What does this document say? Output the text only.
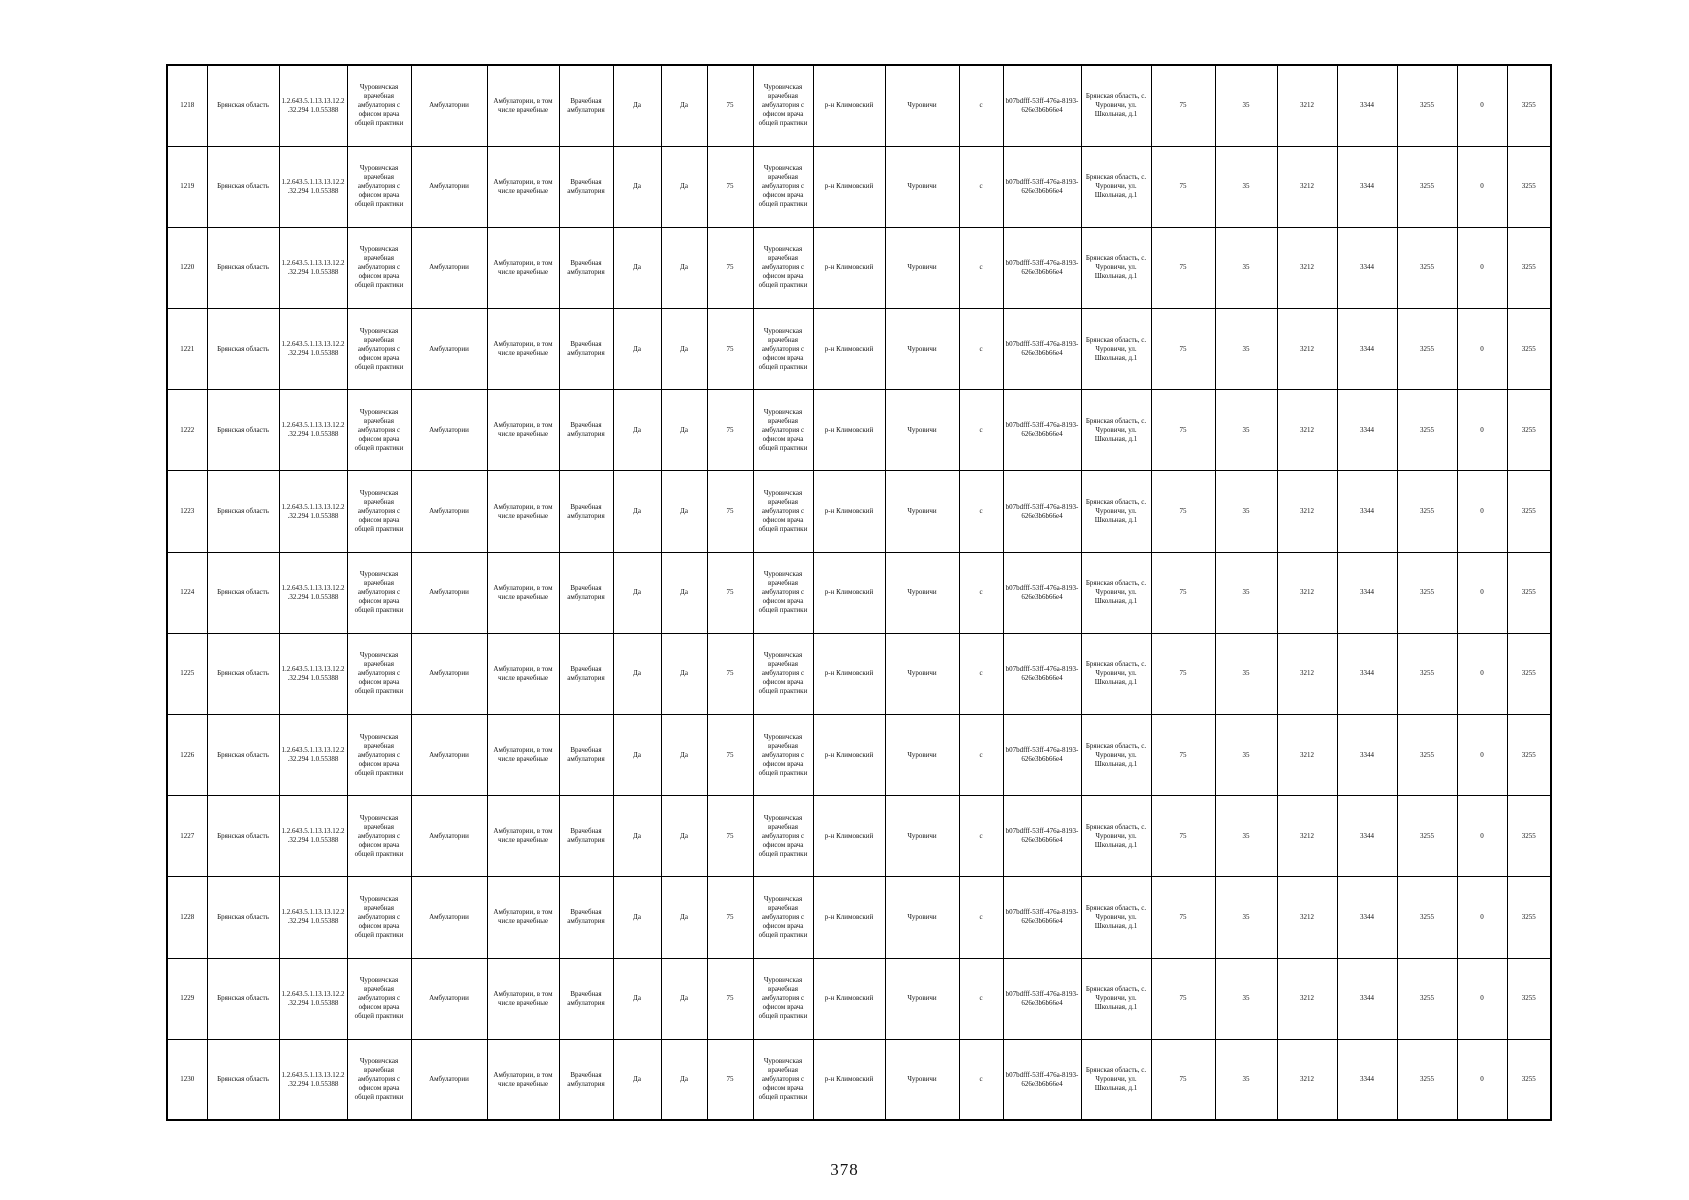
1218	Брянская область	1.2.643.5.1.13.13.12.2.32.294 1.0.55388	Чуровичская врачебная амбулатория с офисом врача общей практики	Амбулатории	Амбулатории, в том числе врачебные	Врачебная амбулатория	Да	Да	75	Чуровичская врачебная амбулатория с офисом врача общей практики	р-н Климовский	Чуровичи	с	b07bdfff-53ff-476a-8193-626e3b6b66e4	Брянская область, с. Чуровичи, ул. Школьная, д.1	75	35	3212	3344	3255	0	3255
1219	Брянская область	1.2.643.5.1.13.13.12.2.32.294 1.0.55388	Чуровичская врачебная амбулатория с офисом врача общей практики	Амбулатории	Амбулатории, в том числе врачебные	Врачебная амбулатория	Да	Да	75	Чуровичская врачебная амбулатория с офисом врача общей практики	р-н Климовский	Чуровичи	с	b07bdfff-53ff-476a-8193-626e3b6b66e4	Брянская область, с. Чуровичи, ул. Школьная, д.1	75	35	3212	3344	3255	0	3255
1220	Брянская область	1.2.643.5.1.13.13.12.2.32.294 1.0.55388	Чуровичская врачебная амбулатория с офисом врача общей практики	Амбулатории	Амбулатории, в том числе врачебные	Врачебная амбулатория	Да	Да	75	Чуровичская врачебная амбулатория с офисом врача общей практики	р-н Климовский	Чуровичи	с	b07bdfff-53ff-476a-8193-626e3b6b66e4	Брянская область, с. Чуровичи, ул. Школьная, д.1	75	35	3212	3344	3255	0	3255
1221	Брянская область	1.2.643.5.1.13.13.12.2.32.294 1.0.55388	Чуровичская врачебная амбулатория с офисом врача общей практики	Амбулатории	Амбулатории, в том числе врачебные	Врачебная амбулатория	Да	Да	75	Чуровичская врачебная амбулатория с офисом врача общей практики	р-н Климовский	Чуровичи	с	b07bdfff-53ff-476a-8193-626e3b6b66e4	Брянская область, с. Чуровичи, ул. Школьная, д.1	75	35	3212	3344	3255	0	3255
1222	Брянская область	1.2.643.5.1.13.13.12.2.32.294 1.0.55388	Чуровичская врачебная амбулатория с офисом врача общей практики	Амбулатории	Амбулатории, в том числе врачебные	Врачебная амбулатория	Да	Да	75	Чуровичская врачебная амбулатория с офисом врача общей практики	р-н Климовский	Чуровичи	с	b07bdfff-53ff-476a-8193-626e3b6b66e4	Брянская область, с. Чуровичи, ул. Школьная, д.1	75	35	3212	3344	3255	0	3255
1223	Брянская область	1.2.643.5.1.13.13.12.2.32.294 1.0.55388	Чуровичская врачебная амбулатория с офисом врача общей практики	Амбулатории	Амбулатории, в том числе врачебные	Врачебная амбулатория	Да	Да	75	Чуровичская врачебная амбулатория с офисом врача общей практики	р-н Климовский	Чуровичи	с	b07bdfff-53ff-476a-8193-626e3b6b66e4	Брянская область, с. Чуровичи, ул. Школьная, д.1	75	35	3212	3344	3255	0	3255
1224	Брянская область	1.2.643.5.1.13.13.12.2.32.294 1.0.55388	Чуровичская врачебная амбулатория с офисом врача общей практики	Амбулатории	Амбулатории, в том числе врачебные	Врачебная амбулатория	Да	Да	75	Чуровичская врачебная амбулатория с офисом врача общей практики	р-н Климовский	Чуровичи	с	b07bdfff-53ff-476a-8193-626e3b6b66e4	Брянская область, с. Чуровичи, ул. Школьная, д.1	75	35	3212	3344	3255	0	3255
1225	Брянская область	1.2.643.5.1.13.13.12.2.32.294 1.0.55388	Чуровичская врачебная амбулатория с офисом врача общей практики	Амбулатории	Амбулатории, в том числе врачебные	Врачебная амбулатория	Да	Да	75	Чуровичская врачебная амбулатория с офисом врача общей практики	р-н Климовский	Чуровичи	с	b07bdfff-53ff-476a-8193-626e3b6b66e4	Брянская область, с. Чуровичи, ул. Школьная, д.1	75	35	3212	3344	3255	0	3255
1226	Брянская область	1.2.643.5.1.13.13.12.2.32.294 1.0.55388	Чуровичская врачебная амбулатория с офисом врача общей практики	Амбулатории	Амбулатории, в том числе врачебные	Врачебная амбулатория	Да	Да	75	Чуровичская врачебная амбулатория с офисом врача общей практики	р-н Климовский	Чуровичи	с	b07bdfff-53ff-476a-8193-626e3b6b66e4	Брянская область, с. Чуровичи, ул. Школьная, д.1	75	35	3212	3344	3255	0	3255
1227	Брянская область	1.2.643.5.1.13.13.12.2.32.294 1.0.55388	Чуровичская врачебная амбулатория с офисом врача общей практики	Амбулатории	Амбулатории, в том числе врачебные	Врачебная амбулатория	Да	Да	75	Чуровичская врачебная амбулатория с офисом врача общей практики	р-н Климовский	Чуровичи	с	b07bdfff-53ff-476a-8193-626e3b6b66e4	Брянская область, с. Чуровичи, ул. Школьная, д.1	75	35	3212	3344	3255	0	3255
1228	Брянская область	1.2.643.5.1.13.13.12.2.32.294 1.0.55388	Чуровичская врачебная амбулатория с офисом врача общей практики	Амбулатории	Амбулатории, в том числе врачебные	Врачебная амбулатория	Да	Да	75	Чуровичская врачебная амбулатория с офисом врача общей практики	р-н Климовский	Чуровичи	с	b07bdfff-53ff-476a-8193-626e3b6b66e4	Брянская область, с. Чуровичи, ул. Школьная, д.1	75	35	3212	3344	3255	0	3255
1229	Брянская область	1.2.643.5.1.13.13.12.2.32.294 1.0.55388	Чуровичская врачебная амбулатория с офисом врача общей практики	Амбулатории	Амбулатории, в том числе врачебные	Врачебная амбулатория	Да	Да	75	Чуровичская врачебная амбулатория с офисом врача общей практики	р-н Климовский	Чуровичи	с	b07bdfff-53ff-476a-8193-626e3b6b66e4	Брянская область, с. Чуровичи, ул. Школьная, д.1	75	35	3212	3344	3255	0	3255
1230	Брянская область	1.2.643.5.1.13.13.12.2.32.294 1.0.55388	Чуровичская врачебная амбулатория с офисом врача общей практики	Амбулатории	Амбулатории, в том числе врачебные	Врачебная амбулатория	Да	Да	75	Чуровичская врачебная амбулатория с офисом врача общей практики	р-н Климовский	Чуровичи	с	b07bdfff-53ff-476a-8193-626e3b6b66e4	Брянская область, с. Чуровичи, ул. Школьная, д.1	75	35	3212	3344	3255	0	3255
378
